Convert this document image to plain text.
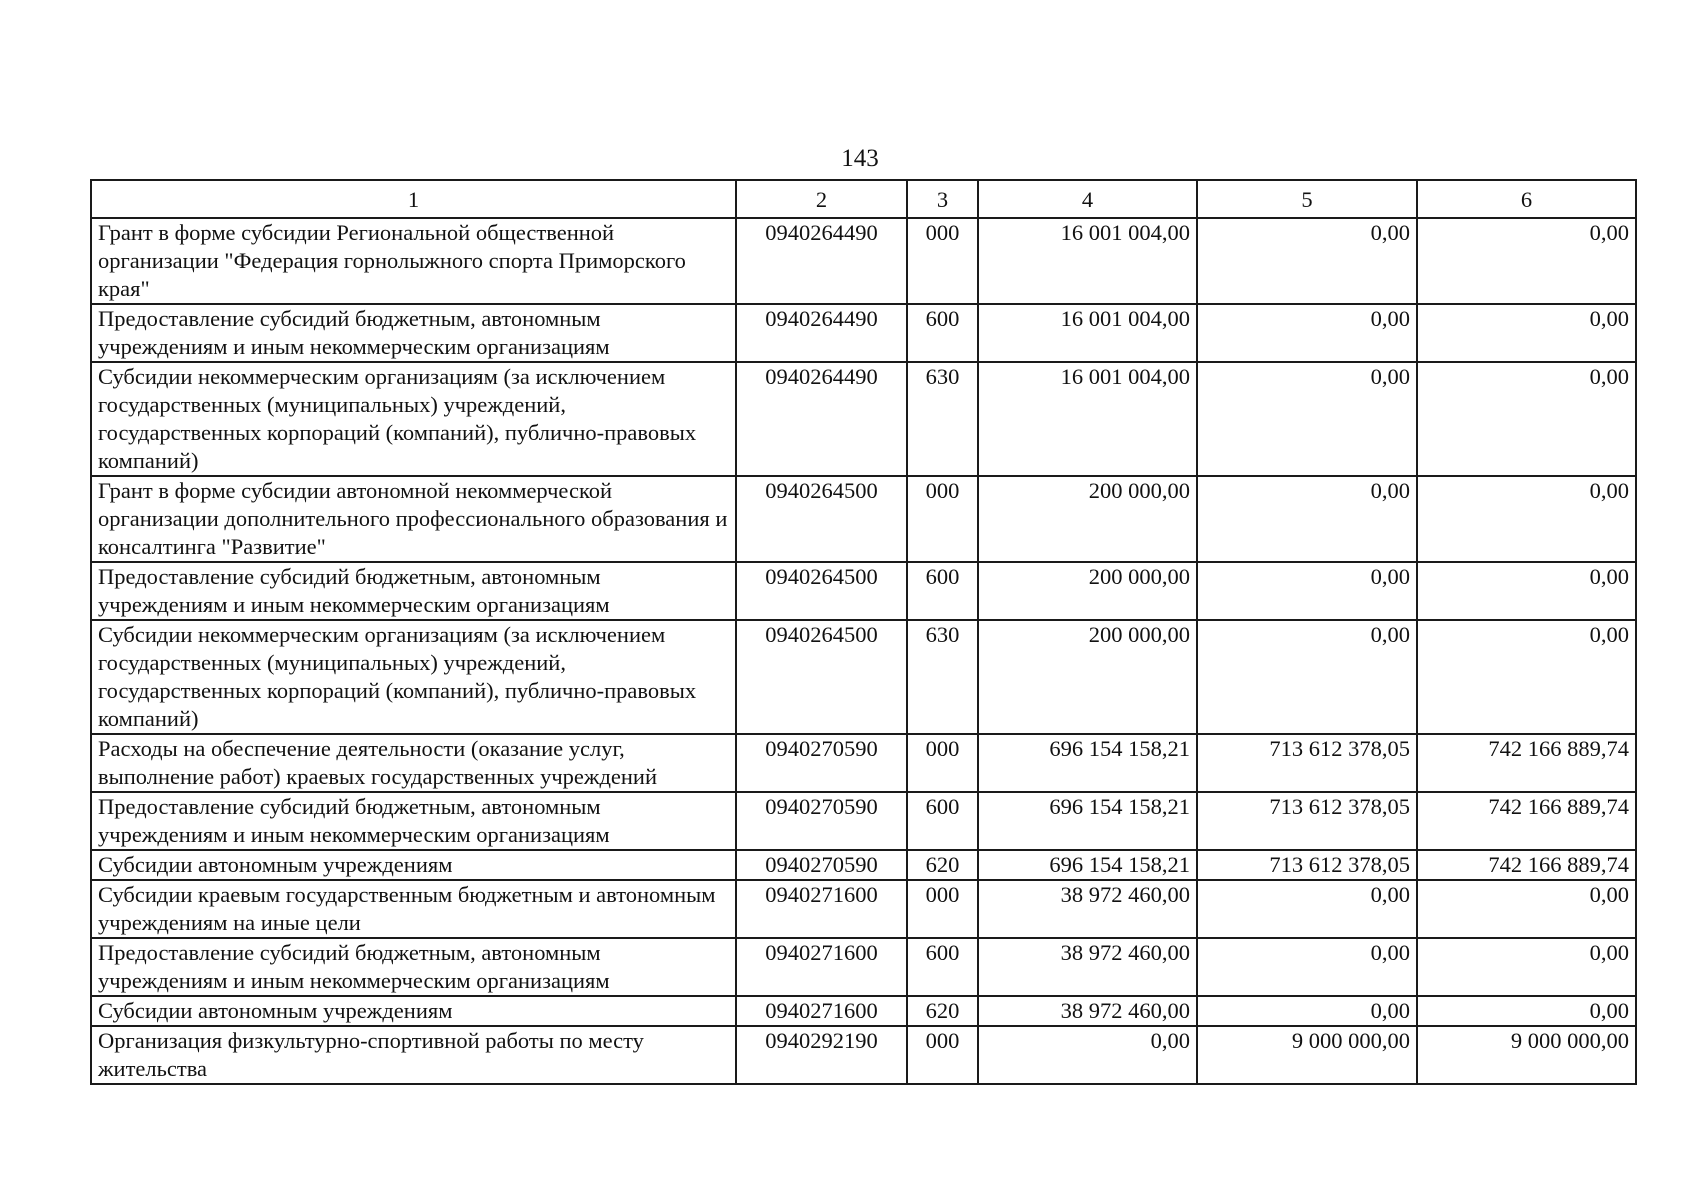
143
1	2	3	4	5	6
Грант в форме субсидии Региональной общественной организации "Федерация горнолыжного спорта Приморского края"	0940264490	000	16 001 004,00	0,00	0,00
Предоставление субсидий бюджетным, автономным учреждениям и иным некоммерческим организациям	0940264490	600	16 001 004,00	0,00	0,00
Субсидии некоммерческим организациям (за исключением государственных (муниципальных) учреждений, государственных корпораций (компаний), публично-правовых компаний)	0940264490	630	16 001 004,00	0,00	0,00
Грант в форме субсидии автономной некоммерческой организации дополнительного профессионального образования и консалтинга "Развитие"	0940264500	000	200 000,00	0,00	0,00
Предоставление субсидий бюджетным, автономным учреждениям и иным некоммерческим организациям	0940264500	600	200 000,00	0,00	0,00
Субсидии некоммерческим организациям (за исключением государственных (муниципальных) учреждений, государственных корпораций (компаний), публично-правовых компаний)	0940264500	630	200 000,00	0,00	0,00
Расходы на обеспечение деятельности (оказание услуг, выполнение работ) краевых государственных учреждений	0940270590	000	696 154 158,21	713 612 378,05	742 166 889,74
Предоставление субсидий бюджетным, автономным учреждениям и иным некоммерческим организациям	0940270590	600	696 154 158,21	713 612 378,05	742 166 889,74
Субсидии автономным учреждениям	0940270590	620	696 154 158,21	713 612 378,05	742 166 889,74
Субсидии краевым государственным бюджетным и автономным учреждениям на иные цели	0940271600	000	38 972 460,00	0,00	0,00
Предоставление субсидий бюджетным, автономным учреждениям и иным некоммерческим организациям	0940271600	600	38 972 460,00	0,00	0,00
Субсидии автономным учреждениям	0940271600	620	38 972 460,00	0,00	0,00
Организация физкультурно-спортивной работы по месту жительства	0940292190	000	0,00	9 000 000,00	9 000 000,00
